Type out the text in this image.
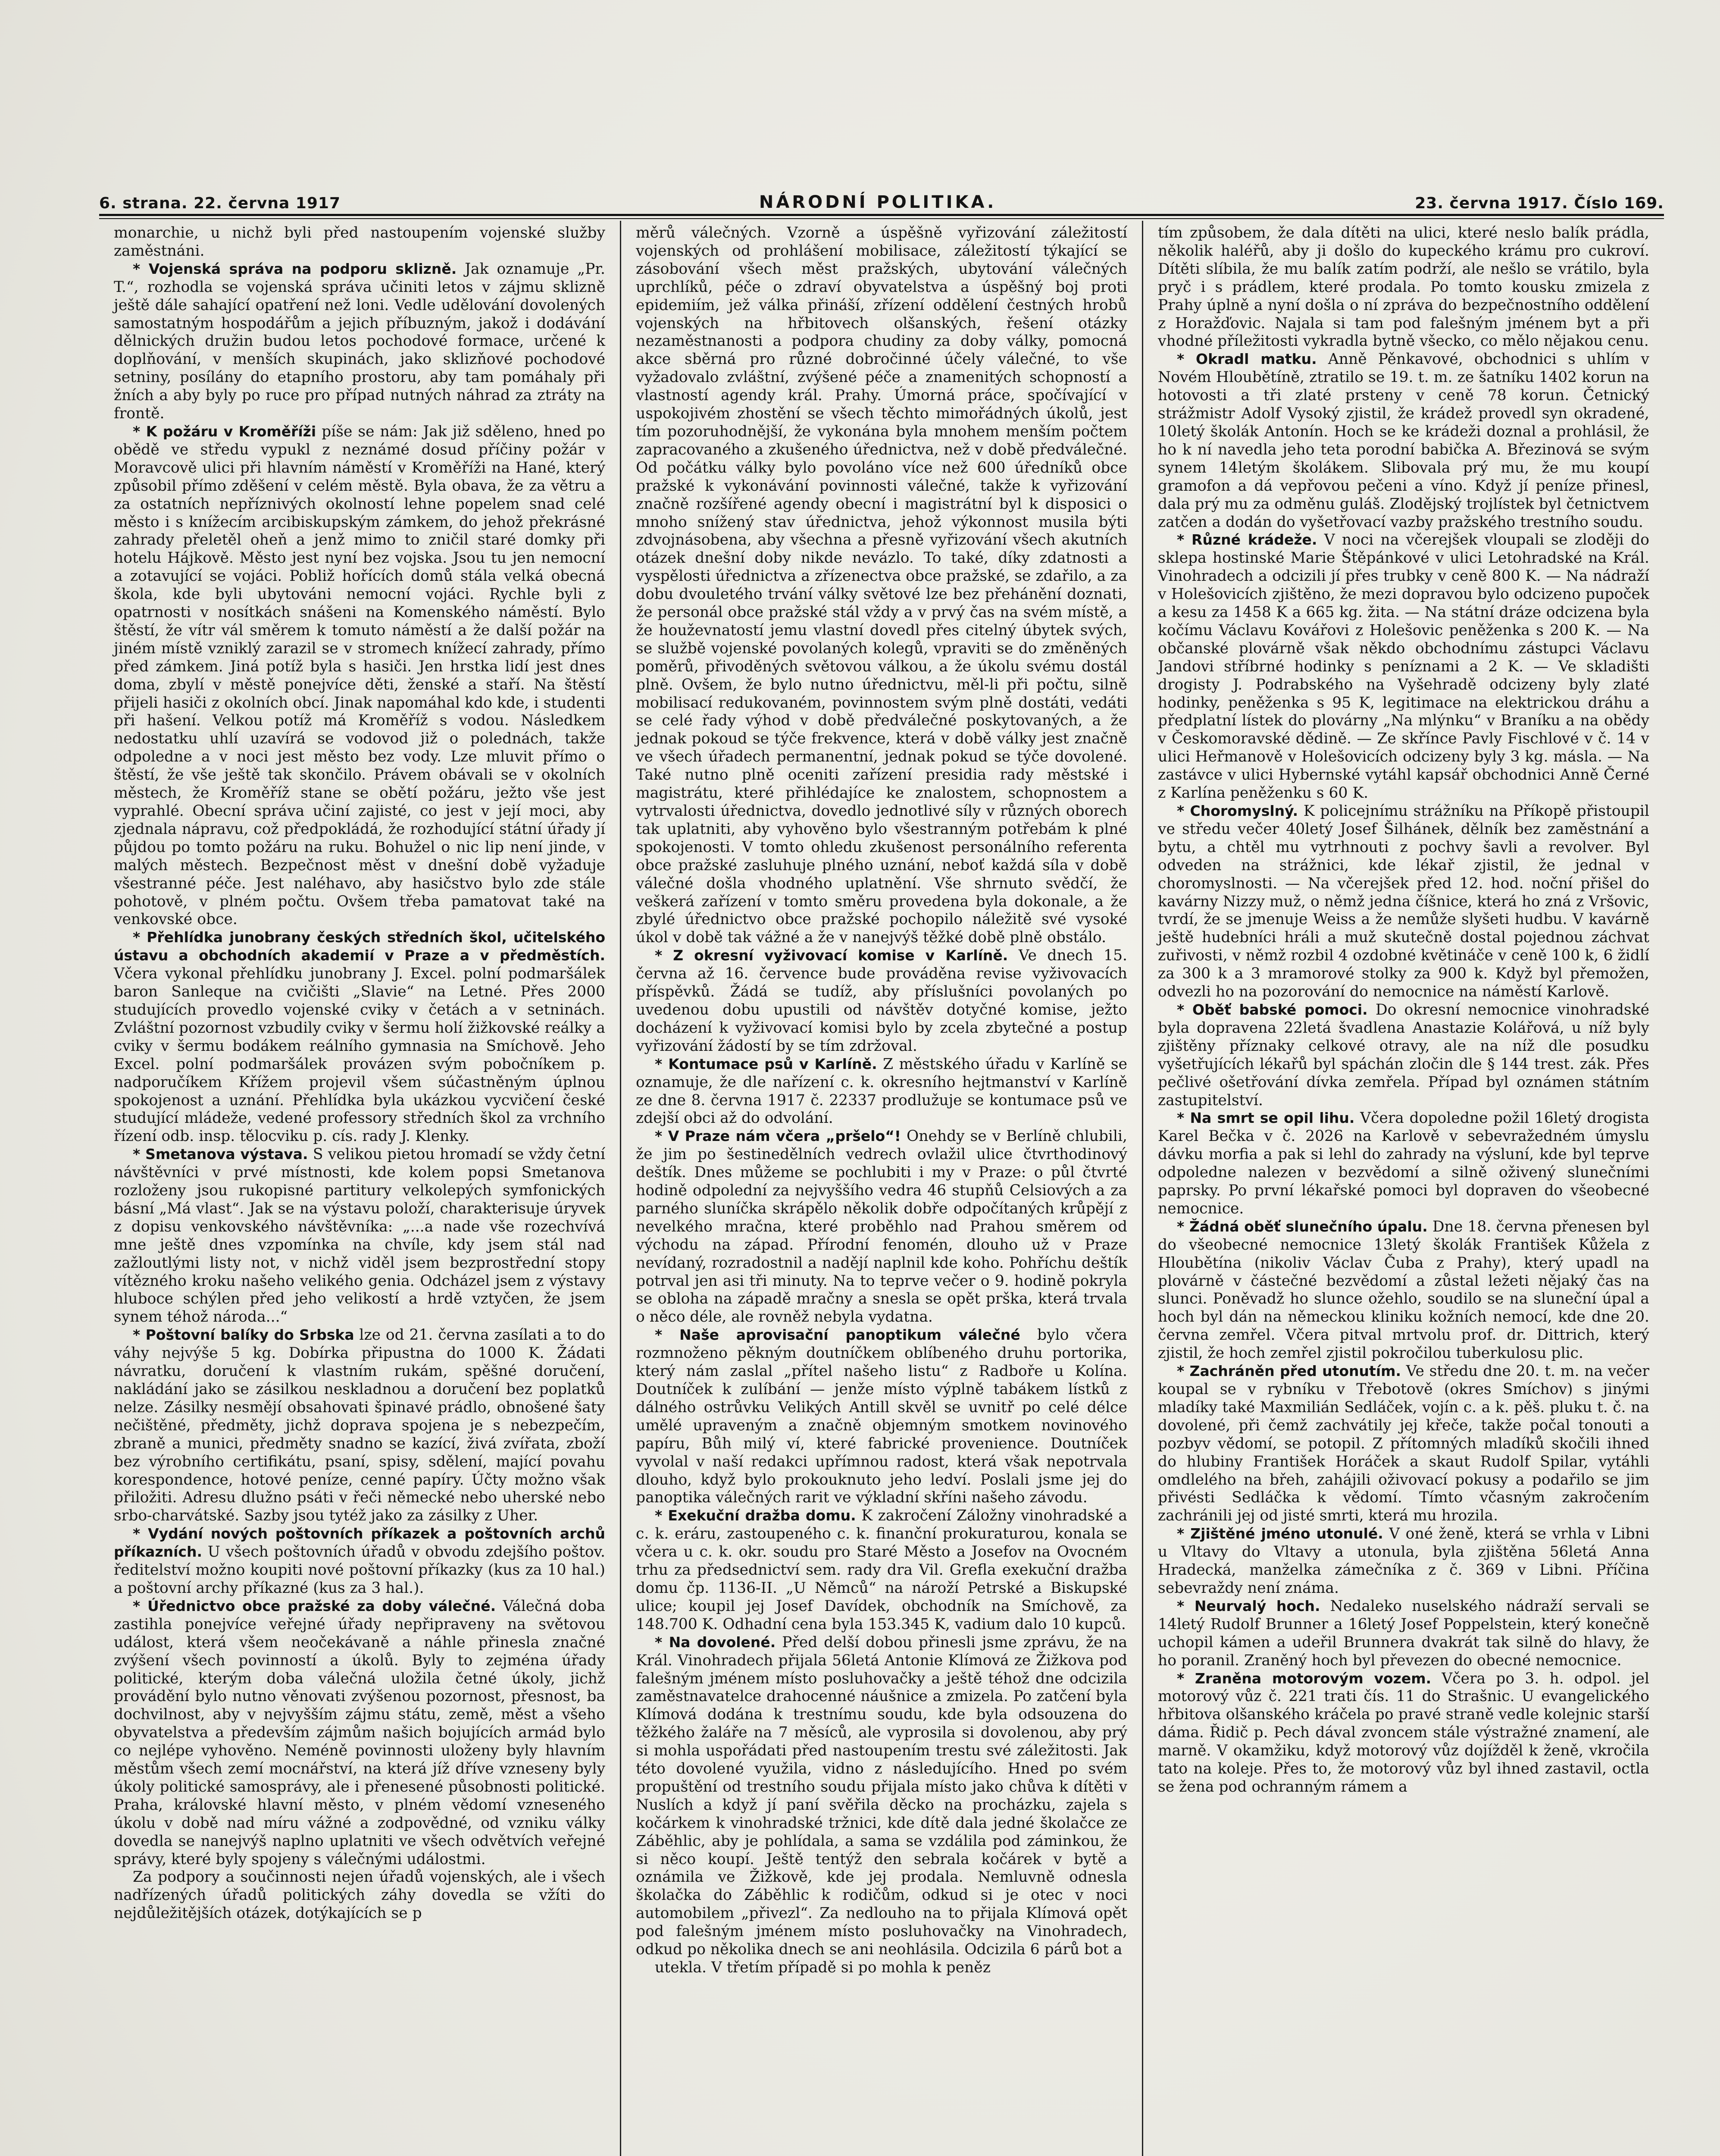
6. strana. 22. června 1917	NÁRODNÍ POLITIKA.	23. června 1917. Číslo 169.

monarchie, u nichž byli před nastoupením vojenské služby zaměstnáni.

* Vojenská správa na podporu sklizně. Jak oznamuje „Pr. T.“, rozhodla se vojenská správa učiniti letos v zájmu sklizně ještě dále sahající opatření než loni. Vedle udělování dovolených samostatným hospodářům a jejich příbuzným, jakož i dodávání dělnických družin budou letos pochodové formace, určené k doplňování, v menších skupinách, jako sklizňové pochodové setniny, posílány do etapního prostoru, aby tam pomáhaly při žních a aby byly po ruce pro případ nutných náhrad za ztráty na frontě.

* K požáru v Kroměříži píše se nám: Jak již sděleno, hned po obědě ve středu vypukl z neznámé dosud příčiny požár v Moravcově ulici při hlavním náměstí v Kroměříži na Hané, který způsobil přímo zděšení v celém městě. Byla obava, že za větru a za ostatních nepříznivých okolností lehne popelem snad celé město i s knížecím arcibiskupským zámkem, do jehož překrásné zahrady přeletěl oheň a jenž mimo to zničil staré domky při hotelu Hájkově. Město jest nyní bez vojska. Jsou tu jen nemocní a zotavující se vojáci. Pobliž hořících domů stála velká obecná škola, kde byli ubytováni nemocní vojáci. Rychle byli z opatrnosti v nosítkách snášeni na Komenského náměstí. Bylo štěstí, že vítr vál směrem k tomuto náměstí a že další požár na jiném místě vzniklý zarazil se v stromech knížecí zahrady, přímo před zámkem. Jiná potíž byla s hasiči. Jen hrstka lidí jest dnes doma, zbylí v městě ponejvíce děti, ženské a staří. Na štěstí přijeli hasiči z okolních obcí. Jinak napomáhal kdo kde, i studenti při hašení. Velkou potíž má Kroměříž s vodou. Následkem nedostatku uhlí uzavírá se vodovod již o polednách, takže odpoledne a v noci jest město bez vody. Lze mluvit přímo o štěstí, že vše ještě tak skončilo. Právem obávali se v okolních městech, že Kroměříž stane se obětí požáru, ježto vše jest vyprahlé. Obecní správa učiní zajisté, co jest v její moci, aby zjednala nápravu, což předpokládá, že rozhodující státní úřady jí půjdou po tomto požáru na ruku. Bohužel o nic lip není jinde, v malých městech. Bezpečnost měst v dnešní době vyžaduje všestranné péče. Jest naléhavo, aby hasičstvo bylo zde stále pohotově, v plném počtu. Ovšem třeba pamatovat také na venkovské obce.

* Přehlídka junobrany českých středních škol, učitelského ústavu a obchodních akademií v Praze a v předměstích. Včera vykonal přehlídku junobrany J. Excel. polní podmaršálek baron Sanleque na cvičišti „Slavie“ na Letné. Přes 2000 studujících provedlo vojenské cviky v četách a v setninách. Zvláštní pozornost vzbudily cviky v šermu holí žižkovské reálky a cviky v šermu bodákem reálního gymnasia na Smíchově. Jeho Excel. polní podmaršálek provázen svým pobočníkem p. nadporučíkem Křížem projevil všem súčastněným úplnou spokojenost a uznání. Přehlídka byla ukázkou vycvičení české studující mládeže, vedené professory středních škol za vrchního řízení odb. insp. tělocviku p. cís. rady J. Klenky.

* Smetanova výstava. S velikou pietou hromadí se vždy četní návštěvníci v prvé místnosti, kde kolem popsi Smetanova rozloženy jsou rukopisné partitury velkolepých symfonických básní „Má vlast“. Jak se na výstavu položí, charakterisuje úryvek z dopisu venkovského návštěvníka: „...a nade vše rozechvívá mne ještě dnes vzpomínka na chvíle, kdy jsem stál nad zažloutlými listy not, v nichž viděl jsem bezprostřední stopy vítězného kroku našeho velikého genia. Odcházel jsem z výstavy hluboce schýlen před jeho velikostí a hrdě vztyčen, že jsem synem téhož národa...“

* Poštovní balíky do Srbska lze od 21. června zasílati a to do váhy nejvýše 5 kg. Dobírka připustna do 1000 K. Žádati návratku, doručení k vlastním rukám, spěšné doručení, nakládání jako se zásilkou neskladnou a doručení bez poplatků nelze. Zásilky nesmějí obsahovati špinavé prádlo, obnošené šaty nečištěné, předměty, jichž doprava spojena je s nebezpečím, zbraně a munici, předměty snadno se kazící, živá zvířata, zboží bez výrobního certifikátu, psaní, spisy, sdělení, mající povahu korespondence, hotové peníze, cenné papíry. Účty možno však přiložiti. Adresu dlužno psáti v řeči německé nebo uherské nebo srbo-charvátské. Sazby jsou tytéž jako za zásilky z Uher.

* Vydání nových poštovních příkazek a poštovních archů příkazních. U všech poštovních úřadů v obvodu zdejšího poštov. ředitelství možno koupiti nové poštovní příkazky (kus za 10 hal.) a poštovní archy příkazné (kus za 3 hal.).

* Úřednictvo obce pražské za doby válečné. Válečná doba zastihla ponejvíce veřejné úřady nepřipraveny na světovou událost, která všem neočekávaně a náhle přinesla značné zvýšení všech povinností a úkolů. Byly to zejména úřady politické, kterým doba válečná uložila četné úkoly, jichž provádění bylo nutno věnovati zvýšenou pozornost, přesnost, ba dochvilnost, aby v nejvyšším zájmu státu, země, měst a všeho obyvatelstva a především zájmům našich bojujících armád bylo co nejlépe vyhověno. Neméně povinnosti uloženy byly hlavním městům všech zemí mocnářství, na která jíž dříve vzneseny byly úkoly politické samosprávy, ale i přenesené působnosti politické. Praha, královské hlavní město, v plném vědomí vzneseného úkolu v době nad míru vážné a zodpovědné, od vzniku války dovedla se nanejvýš naplno uplatniti ve všech odvětvích veřejné správy, které byly spojeny s válečnými událostmi.

Za podpory a součinnosti nejen úřadů vojenských, ale i všech nadřízených úřadů politických záhy dovedla se vžíti do nejdůležitějších otázek, dotýkajících se p

měrů válečných. Vzorně a úspěšně vyřizování záležitostí vojenských od prohlášení mobilisace, záležitostí týkající se zásobování všech měst pražských, ubytování válečných uprchlíků, péče o zdraví obyvatelstva a úspěšný boj proti epidemiím, jež válka přináší, zřízení oddělení čestných hrobů vojenských na hřbitovech olšanských, řešení otázky nezaměstnanosti a podpora chudiny za doby války, pomocná akce sběrná pro různé dobročinné účely válečné, to vše vyžadovalo zvláštní, zvýšené péče a znamenitých schopností a vlastností agendy král. Prahy. Úmorná práce, spočívající v uspokojivém zhostění se všech těchto mimořádných úkolů, jest tím pozoruhodnější, že vykonána byla mnohem menším počtem zapracovaného a zkušeného úřednictva, než v době předválečné. Od počátku války bylo povoláno více než 600 úředníků obce pražské k vykonávání povinnosti válečné, takže k vyřizování značně rozšířené agendy obecní i magistrátní byl k disposici o mnoho snížený stav úřednictva, jehož výkonnost musila býti zdvojnásobena, aby všechna a přesně vyřizování všech akutních otázek dnešní doby nikde nevázlo. To také, díky zdatnosti a vyspělosti úřednictva a zřízenectva obce pražské, se zdařilo, a za dobu dvouletého trvání války světové lze bez přehánění doznati, že personál obce pražské stál vždy a v prvý čas na svém místě, a že houževnatostí jemu vlastní dovedl přes citelný úbytek svých, se službě vojenské povolaných kolegů, vpraviti se do změněných poměrů, přivoděných světovou válkou, a že úkolu svému dostál plně. Ovšem, že bylo nutno úřednictvu, měl-li při počtu, silně mobilisací redukovaném, povinnostem svým plně dostáti, vedáti se celé řady výhod v době předválečné poskytovaných, a že jednak pokoud se týče frekvence, která v době války jest značně ve všech úřadech permanentní, jednak pokud se týče dovolené. Také nutno plně oceniti zařízení presidia rady městské i magistrátu, které přihlédajíce ke znalostem, schopnostem a vytrvalosti úřednictva, dovedlo jednotlivé síly v různých oborech tak uplatniti, aby vyhověno bylo všestranným potřebám k plné spokojenosti. V tomto ohledu zkušenost personálního referenta obce pražské zasluhuje plného uznání, neboť každá síla v době válečné došla vhodného uplatnění. Vše shrnuto svědčí, že veškerá zařízení v tomto směru provedena byla dokonale, a že zbylé úřednictvo obce pražské pochopilo náležitě své vysoké úkol v době tak vážné a že v nanejvýš těžké době plně obstálo.

* Z okresní vyživovací komise v Karlíně. Ve dnech 15. června až 16. července bude prováděna revise vyživovacích příspěvků. Žádá se tudíž, aby příslušníci povolaných po uvedenou dobu upustili od návštěv dotyčné komise, ježto docházení k vyživovací komisi bylo by zcela zbytečné a postup vyřizování žádostí by se tím zdržoval.

* Kontumace psů v Karlíně. Z městského úřadu v Karlíně se oznamuje, že dle nařízení c. k. okresního hejtmanství v Karlíně ze dne 8. června 1917 č. 22337 prodlužuje se kontumace psů ve zdejší obci až do odvolání.

* V Praze nám včera „pršelo“! Onehdy se v Berlíně chlubili, že jim po šestinedělních vedrech ovlažil ulice čtvrthodinový deštík. Dnes můžeme se pochlubiti i my v Praze: o půl čtvrté hodině odpolední za nejvyššího vedra 46 stupňů Celsiových a za parného sluníčka skrápělo několik dobře odpočítaných krůpějí z nevelkého mračna, které proběhlo nad Prahou směrem od východu na západ. Přírodní fenomén, dlouho už v Praze nevídaný, rozradostnil a nadějí naplnil kde koho. Pohříchu deštík potrval jen asi tři minuty. Na to teprve večer o 9. hodině pokryla se obloha na západě mračny a snesla se opět prška, která trvala o něco déle, ale rovněž nebyla vydatna.

* Naše aprovisační panoptikum válečné bylo včera rozmnoženo pěkným doutníčkem oblíbeného druhu portorika, který nám zaslal „přítel našeho listu“ z Radboře u Kolína. Doutníček k zulíbání — jenže místo výplně tabákem lístků z dálného ostrůvku Velikých Antill skvěl se uvnitř po celé délce umělé upraveným a značně objemným smotkem novinového papíru, Bůh milý ví, které fabrické provenience. Doutníček vyvolal v naší redakci upřímnou radost, která však nepotrvala dlouho, když bylo prokouknuto jeho ledví. Poslali jsme jej do panoptika válečných rarit ve výkladní skříni našeho závodu.

* Exekuční dražba domu. K zakročení Záložny vinohradské a c. k. eráru, zastoupeného c. k. finanční prokuraturou, konala se včera u c. k. okr. soudu pro Staré Město a Josefov na Ovocném trhu za předsednictví sem. rady dra Vil. Grefla exekuční dražba domu čp. 1136-II. „U Němců“ na nároží Petrské a Biskupské ulice; koupil jej Josef Davídek, obchodník na Smíchově, za 148.700 K. Odhadní cena byla 153.345 K, vadium dalo 10 kupců.

* Na dovolené. Před delší dobou přinesli jsme zprávu, že na Král. Vinohradech přijala 56letá Antonie Klímová ze Žižkova pod falešným jménem místo posluhovačky a ještě téhož dne odcizila zaměstnavatelce drahocenné náušnice a zmizela. Po zatčení byla Klímová dodána k trestnímu soudu, kde byla odsouzena do těžkého žaláře na 7 měsíců, ale vyprosila si dovolenou, aby prý si mohla uspořádati před nastoupením trestu své záležitosti. Jak této dovolené využila, vidno z následujícího. Hned po svém propuštění od trestního soudu přijala místo jako chůva k dítěti v Nuslích a když jí paní svěřila děcko na procházku, zajela s kočárkem k vinohradské tržnici, kde dítě dala jedné školačce ze Záběhlic, aby je pohlídala, a sama se vzdálila pod záminkou, že si něco koupí. Ještě tentýž den sebrala kočárek v bytě a oznámila ve Žižkově, kde jej prodala. Nemluvně odnesla školačka do Záběhlic k rodičům, odkud si je otec v noci automobilem „přivezl“. Za nedlouho na to přijala Klímová opět pod falešným jménem místo posluhovačky na Vinohradech, odkud po několika dnech se ani neohlásila. Odcizila 6 párů bot a

utekla. V třetím případě si po mohla k peněz

tím způsobem, že dala dítěti na ulici, které neslo balík prádla, několik haléřů, aby ji došlo do kupeckého krámu pro cukroví. Dítěti slíbila, že mu balík zatím podrží, ale nešlo se vrátilo, byla pryč i s prádlem, které prodala. Po tomto kousku zmizela z Prahy úplně a nyní došla o ní zpráva do bezpečnostního oddělení z Horažďovic. Najala si tam pod falešným jménem byt a při vhodné příležitosti vykradla bytně všecko, co mělo nějakou cenu.

* Okradl matku. Anně Pěnkavové, obchodnici s uhlím v Novém Hloubětíně, ztratilo se 19. t. m. ze šatníku 1402 korun na hotovosti a tři zlaté prsteny v ceně 78 korun. Četnický strážmistr Adolf Vysoký zjistil, že krádež provedl syn okradené, 10letý školák Antonín. Hoch se ke krádeži doznal a prohlásil, že ho k ní navedla jeho teta porodní babička A. Březinová se svým synem 14letým školákem. Slibovala prý mu, že mu koupí gramofon a dá vepřovou pečeni a víno. Když jí peníze přinesl, dala prý mu za odměnu guláš. Zlodějský trojlístek byl četnictvem zatčen a dodán do vyšetřovací vazby pražského trestního soudu.

* Různé krádeže. V noci na včerejšek vloupali se zloději do sklepa hostinské Marie Štěpánkové v ulici Letohradské na Král. Vinohradech a odcizili jí přes trubky v ceně 800 K. — Na nádraží v Holešovicích zjištěno, že mezi dopravou bylo odcizeno pupoček a kesu za 1458 K a 665 kg. žita. — Na státní dráze odcizena byla kočímu Václavu Kovářovi z Holešovic peněženka s 200 K. — Na občanské plovárně však někdo obchodnímu zástupci Václavu Jandovi stříbrné hodinky s peníznami a 2 K. — Ve skladišti drogisty J. Podrabského na Vyšehradě odcizeny byly zlaté hodinky, peněženka s 95 K, legitimace na elektrickou dráhu a předplatní lístek do plovárny „Na mlýnku“ v Braníku a na obědy v Českomoravské dědině. — Ze skřínce Pavly Fischlové v č. 14 v ulici Heřmanově v Holešovicích odcizeny byly 3 kg. másla. — Na zastávce v ulici Hybernské vytáhl kapsář obchodnici Anně Černé z Karlína peněženku s 60 K.

* Choromyslný. K policejnímu strážníku na Příkopě přistoupil ve středu večer 40letý Josef Šilhánek, dělník bez zaměstnání a bytu, a chtěl mu vytrhnouti z pochvy šavli a revolver. Byl odveden na strážnici, kde lékař zjistil, že jednal v choromyslnosti. — Na včerejšek před 12. hod. noční přišel do kavárny Nizzy muž, o němž jedna číšnice, která ho zná z Vršovic, tvrdí, že se jmenuje Weiss a že nemůže slyšeti hudbu. V kavárně ještě hudebníci hráli a muž skutečně dostal pojednou záchvat zuřivosti, v němž rozbil 4 ozdobné květináče v ceně 100 k, 6 židlí za 300 k a 3 mramorové stolky za 900 k. Když byl přemožen, odvezli ho na pozorování do nemocnice na náměstí Karlově.

* Oběť babské pomoci. Do okresní nemocnice vinohradské byla dopravena 22letá švadlena Anastazie Kolářová, u níž byly zjištěny příznaky celkové otravy, ale na níž dle posudku vyšetřujících lékařů byl spáchán zločin dle § 144 trest. zák. Přes pečlivé ošetřování dívka zemřela. Případ byl oznámen státním zastupitelství.

* Na smrt se opil lihu. Včera dopoledne požil 16letý drogista Karel Bečka v č. 2026 na Karlově v sebevražedném úmyslu dávku morfia a pak si lehl do zahrady na výsluní, kde byl teprve odpoledne nalezen v bezvědomí a silně oživený slunečními paprsky. Po první lékařské pomoci byl dopraven do všeobecné nemocnice.

* Žádná oběť slunečního úpalu. Dne 18. června přenesen byl do všeobecné nemocnice 13letý školák František Kůžela z Hloubětína (nikoliv Václav Čuba z Prahy), který upadl na plovárně v částečné bezvědomí a zůstal ležeti nějaký čas na slunci. Poněvadž ho slunce ožehlo, soudilo se na sluneční úpal a hoch byl dán na německou kliniku kožních nemocí, kde dne 20. června zemřel. Včera pitval mrtvolu prof. dr. Dittrich, který zjistil, že hoch zemřel zjistil pokročilou tuberkulosu plic.

* Zachráněn před utonutím. Ve středu dne 20. t. m. na večer koupal se v rybníku v Třebotově (okres Smíchov) s jinými mladíky také Maxmilián Sedláček, vojín c. a k. pěš. pluku t. č. na dovolené, při čemž zachvátily jej křeče, takže počal tonouti a pozbyv vědomí, se potopil. Z přítomných mladíků skočili ihned do hlubiny František Horáček a skaut Rudolf Spilar, vytáhli omdlelého na břeh, zahájili oživovací pokusy a podařilo se jim přivésti Sedláčka k vědomí. Tímto včasným zakročením zachránili jej od jisté smrti, která mu hrozila.

* Zjištěné jméno utonulé. V oné ženě, která se vrhla v Libni u Vltavy do Vltavy a utonula, byla zjištěna 56letá Anna Hradecká, manželka zámečníka z č. 369 v Libni. Příčina sebevraždy není známa.

* Neurvalý hoch. Nedaleko nuselského nádraží servali se 14letý Rudolf Brunner a 16letý Josef Poppelstein, který konečně uchopil kámen a udeřil Brunnera dvakrát tak silně do hlavy, že ho poranil. Zraněný hoch byl převezen do obecné nemocnice.

* Zraněna motorovým vozem. Včera po 3. h. odpol. jel motorový vůz č. 221 trati čís. 11 do Strašnic. U evangelického hřbitova olšanského kráčela po pravé straně vedle kolejnic starší dáma. Řidič p. Pech dával zvoncem stále výstražné znamení, ale marně. V okamžiku, když motorový vůz dojížděl k ženě, vkročila tato na koleje. Přes to, že motorový vůz byl ihned zastavil, octla se žena pod ochranným rámem a
